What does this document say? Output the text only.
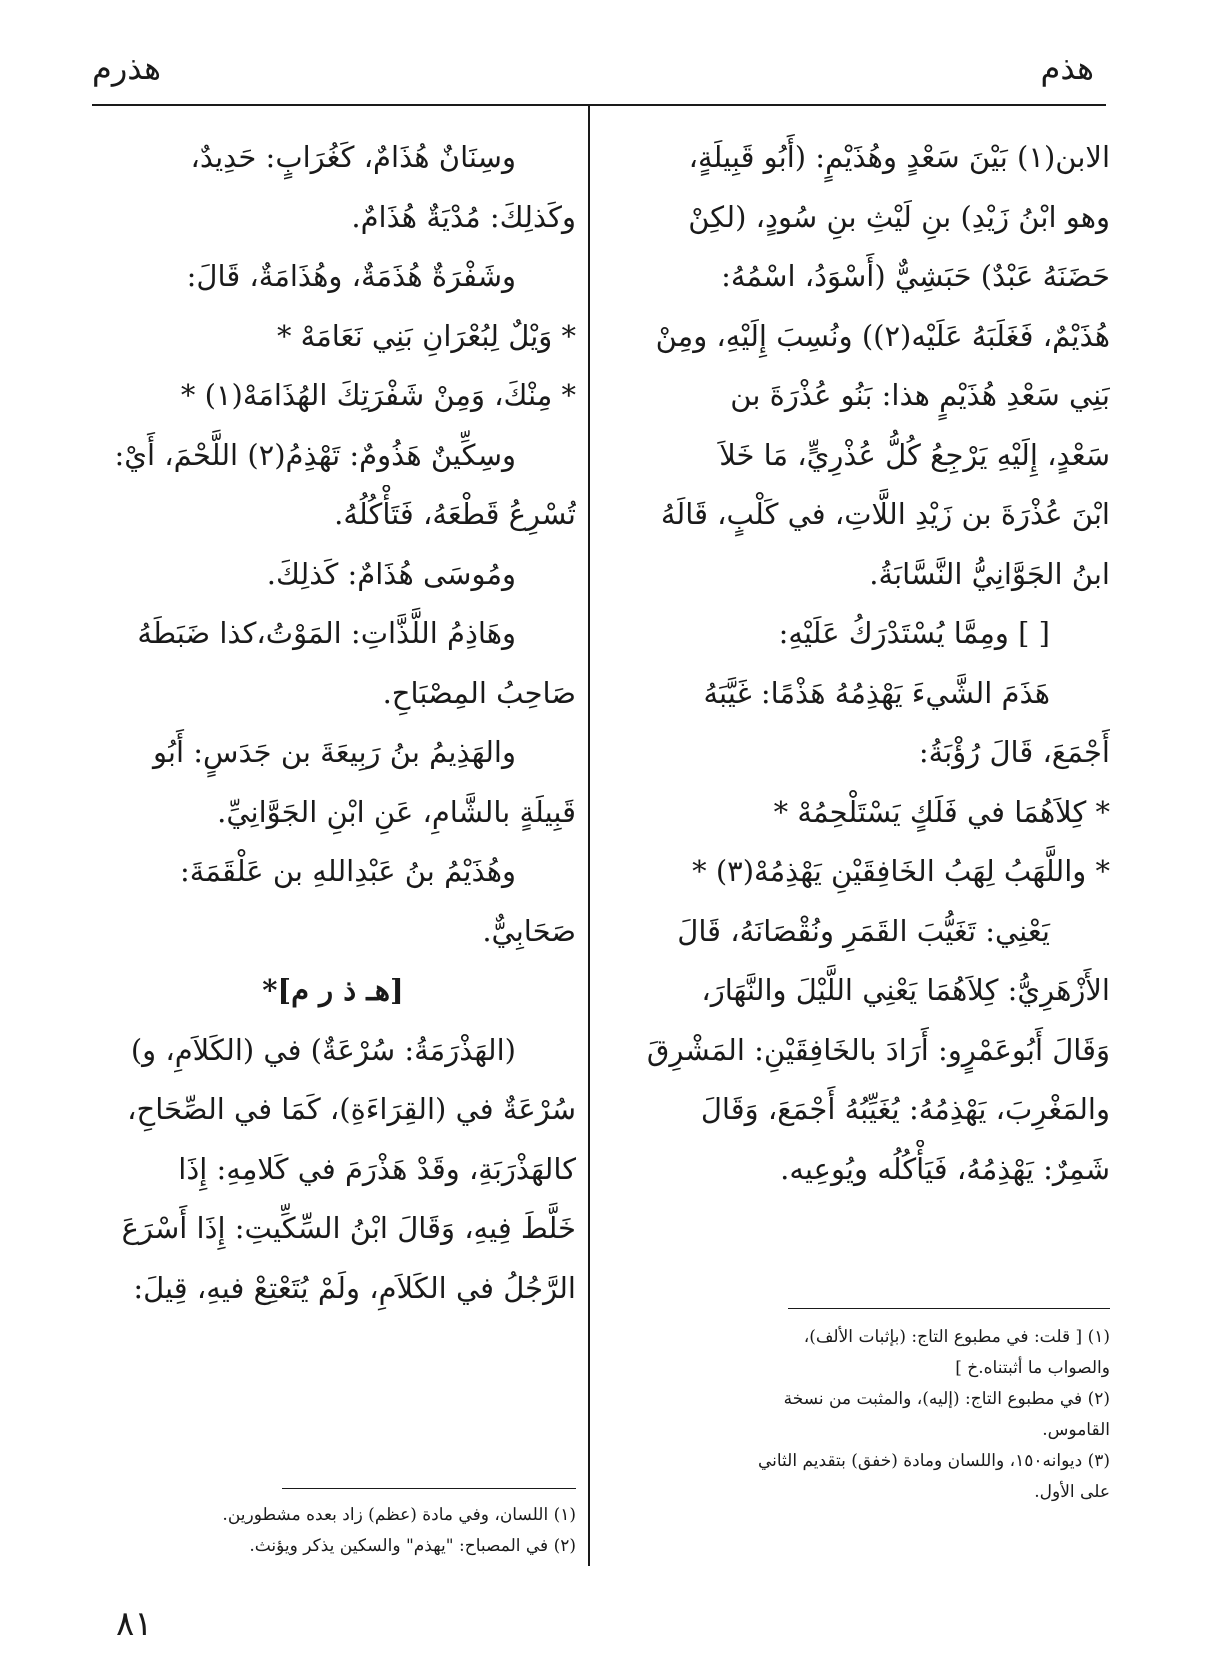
هذم
هذرم

الابن(١) بَيْنَ سَعْدٍ وهُذَيْمٍ: (أَبُو قَبِيلَةٍ،

وهو ابْنُ زَيْدِ) بنِ لَيْثِ بنِ سُودٍ، (لكِنْ

حَضَنَهُ عَبْدٌ) حَبَشِيٌّ (أَسْوَدُ، اسْمُهُ:

هُذَيْمٌ، فَغَلَبَهُ عَلَيْه(٢)) ونُسِبَ إِلَيْهِ، ومِنْ

بَنِي سَعْدِ هُذَيْمٍ هذا: بَنُو عُذْرَةَ بن

سَعْدٍ، إِلَيْهِ يَرْجِعُ كُلُّ عُذْرِيٍّ، مَا خَلاَ

ابْنَ عُذْرَةَ بن زَيْدِ اللَّاتِ، في كَلْبٍ، قَالَهُ

ابنُ الجَوَّانِيُّ النَّسَّابَةُ.

[ ] ومِمَّا يُسْتَدْرَكُ عَلَيْهِ:

هَذَمَ الشَّيءَ يَهْذِمُهُ هَذْمًا: غَيَّبَهُ

أَجْمَعَ، قَالَ رُؤْبَةُ:

* كِلاَهُمَا في فَلَكٍ يَسْتَلْحِمُهْ *

* واللَّهَبُ لِهَبُ الخَافِقَيْنِ يَهْذِمُهْ(٣) *

يَعْنِي: تَغَيُّبَ القَمَرِ ونُقْصَانَهُ، قَالَ

الأَزْهَرِيُّ: كِلاَهُمَا يَعْنِي اللَّيْلَ والنَّهَارَ،

وَقَالَ أَبُوعَمْرٍو: أَرَادَ بالخَافِقَيْنِ: المَشْرِقَ

والمَغْرِبَ، يَهْذِمُهُ: يُغَيِّبُهُ أَجْمَعَ، وَقَالَ

شَمِرٌ: يَهْذِمُهُ، فَيَأْكُلُه ويُوعِيه.

وسِنَانٌ هُذَامٌ، كَغُرَابٍ: حَدِيدٌ،

وكَذلِكَ: مُدْيَةٌ هُذَامٌ.

وشَفْرَةٌ هُذَمَةٌ، وهُذَامَةٌ، قَالَ:

* وَيْلٌ لِبُعْرَانِ بَنِي نَعَامَهْ *

* مِنْكَ، وَمِنْ شَفْرَتِكَ الهُذَامَهْ(١) *

وسِكِّينٌ هَذُومٌ: تَهْذِمُ(٢) اللَّحْمَ، أَيْ:

تُسْرِعُ قَطْعَهُ، فَتَأْكُلُهُ.

ومُوسَى هُذَامٌ: كَذلِكَ.

وهَاذِمُ اللَّذَّاتِ: المَوْتُ،كذا ضَبَطَهُ

صَاحِبُ المِصْبَاحِ.

والهَذِيمُ بنُ رَبِيعَةَ بن جَدَسٍ: أَبُو

قَبِيلَةٍ بالشَّامِ، عَنِ ابْنِ الجَوَّانِيِّ.

وهُذَيْمُ بنُ عَبْدِاللهِ بن عَلْقَمَةَ:

صَحَابِيٌّ.

[هـ ذ ر م]*

(الهَذْرَمَةُ: سُرْعَةٌ) في (الكَلاَمِ، و)

سُرْعَةٌ في (القِرَاءَةِ)، كَمَا في الصِّحَاحِ،

كالهَذْرَبَةِ، وقَدْ هَذْرَمَ في كَلامِهِ: إِذَا

خَلَّطَ فِيهِ، وَقَالَ ابْنُ السِّكِّيتِ: إِذَا أَسْرَعَ

الرَّجُلُ في الكَلاَمِ، ولَمْ يُتَعْتِعْ فيهِ، قِيلَ:

(١) [ قلت: في مطبوع التاج: (بإثبات الألف)،

والصواب ما أثبتناه.خ ]

(٢) في مطبوع التاج: (إليه)، والمثبت من نسخة

القاموس.

(٣) ديوانه١٥٠، واللسان ومادة (خفق) بتقديم الثاني

على الأول.

(١) اللسان، وفي مادة (عظم) زاد بعده مشطورين.

(٢) في المصباح: "يهذم" والسكين يذكر ويؤنث.

٨١
